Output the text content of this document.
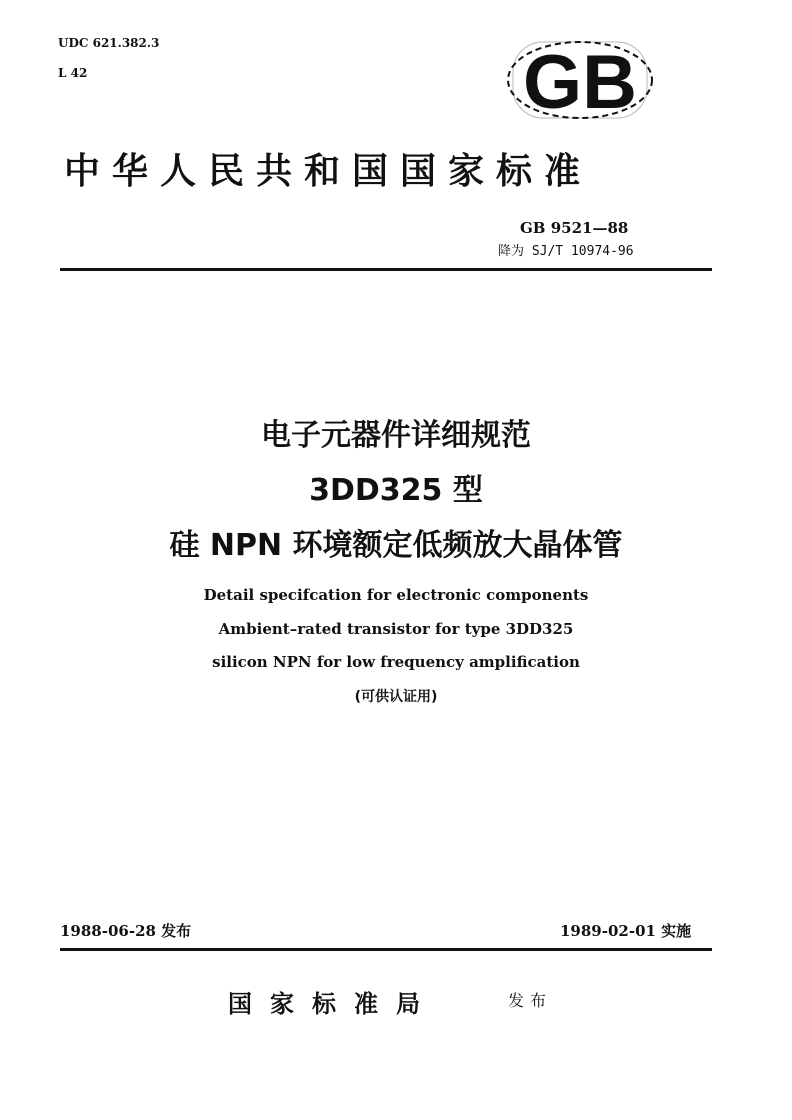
UDC 621.382.3
L 42	GB
中华人民共和国国家标准
GB 9521—88
降为 SJ/T 10974-96
电子元器件详细规范
3DD325 型
硅 NPN 环境额定低频放大晶体管
Detail specifcation for electronic components
Ambient–rated transistor for type 3DD325
silicon NPN for low frequency amplification
(可供认证用)
1988-06-28 发布	1989-02-01 实施
国家标准局	发布
